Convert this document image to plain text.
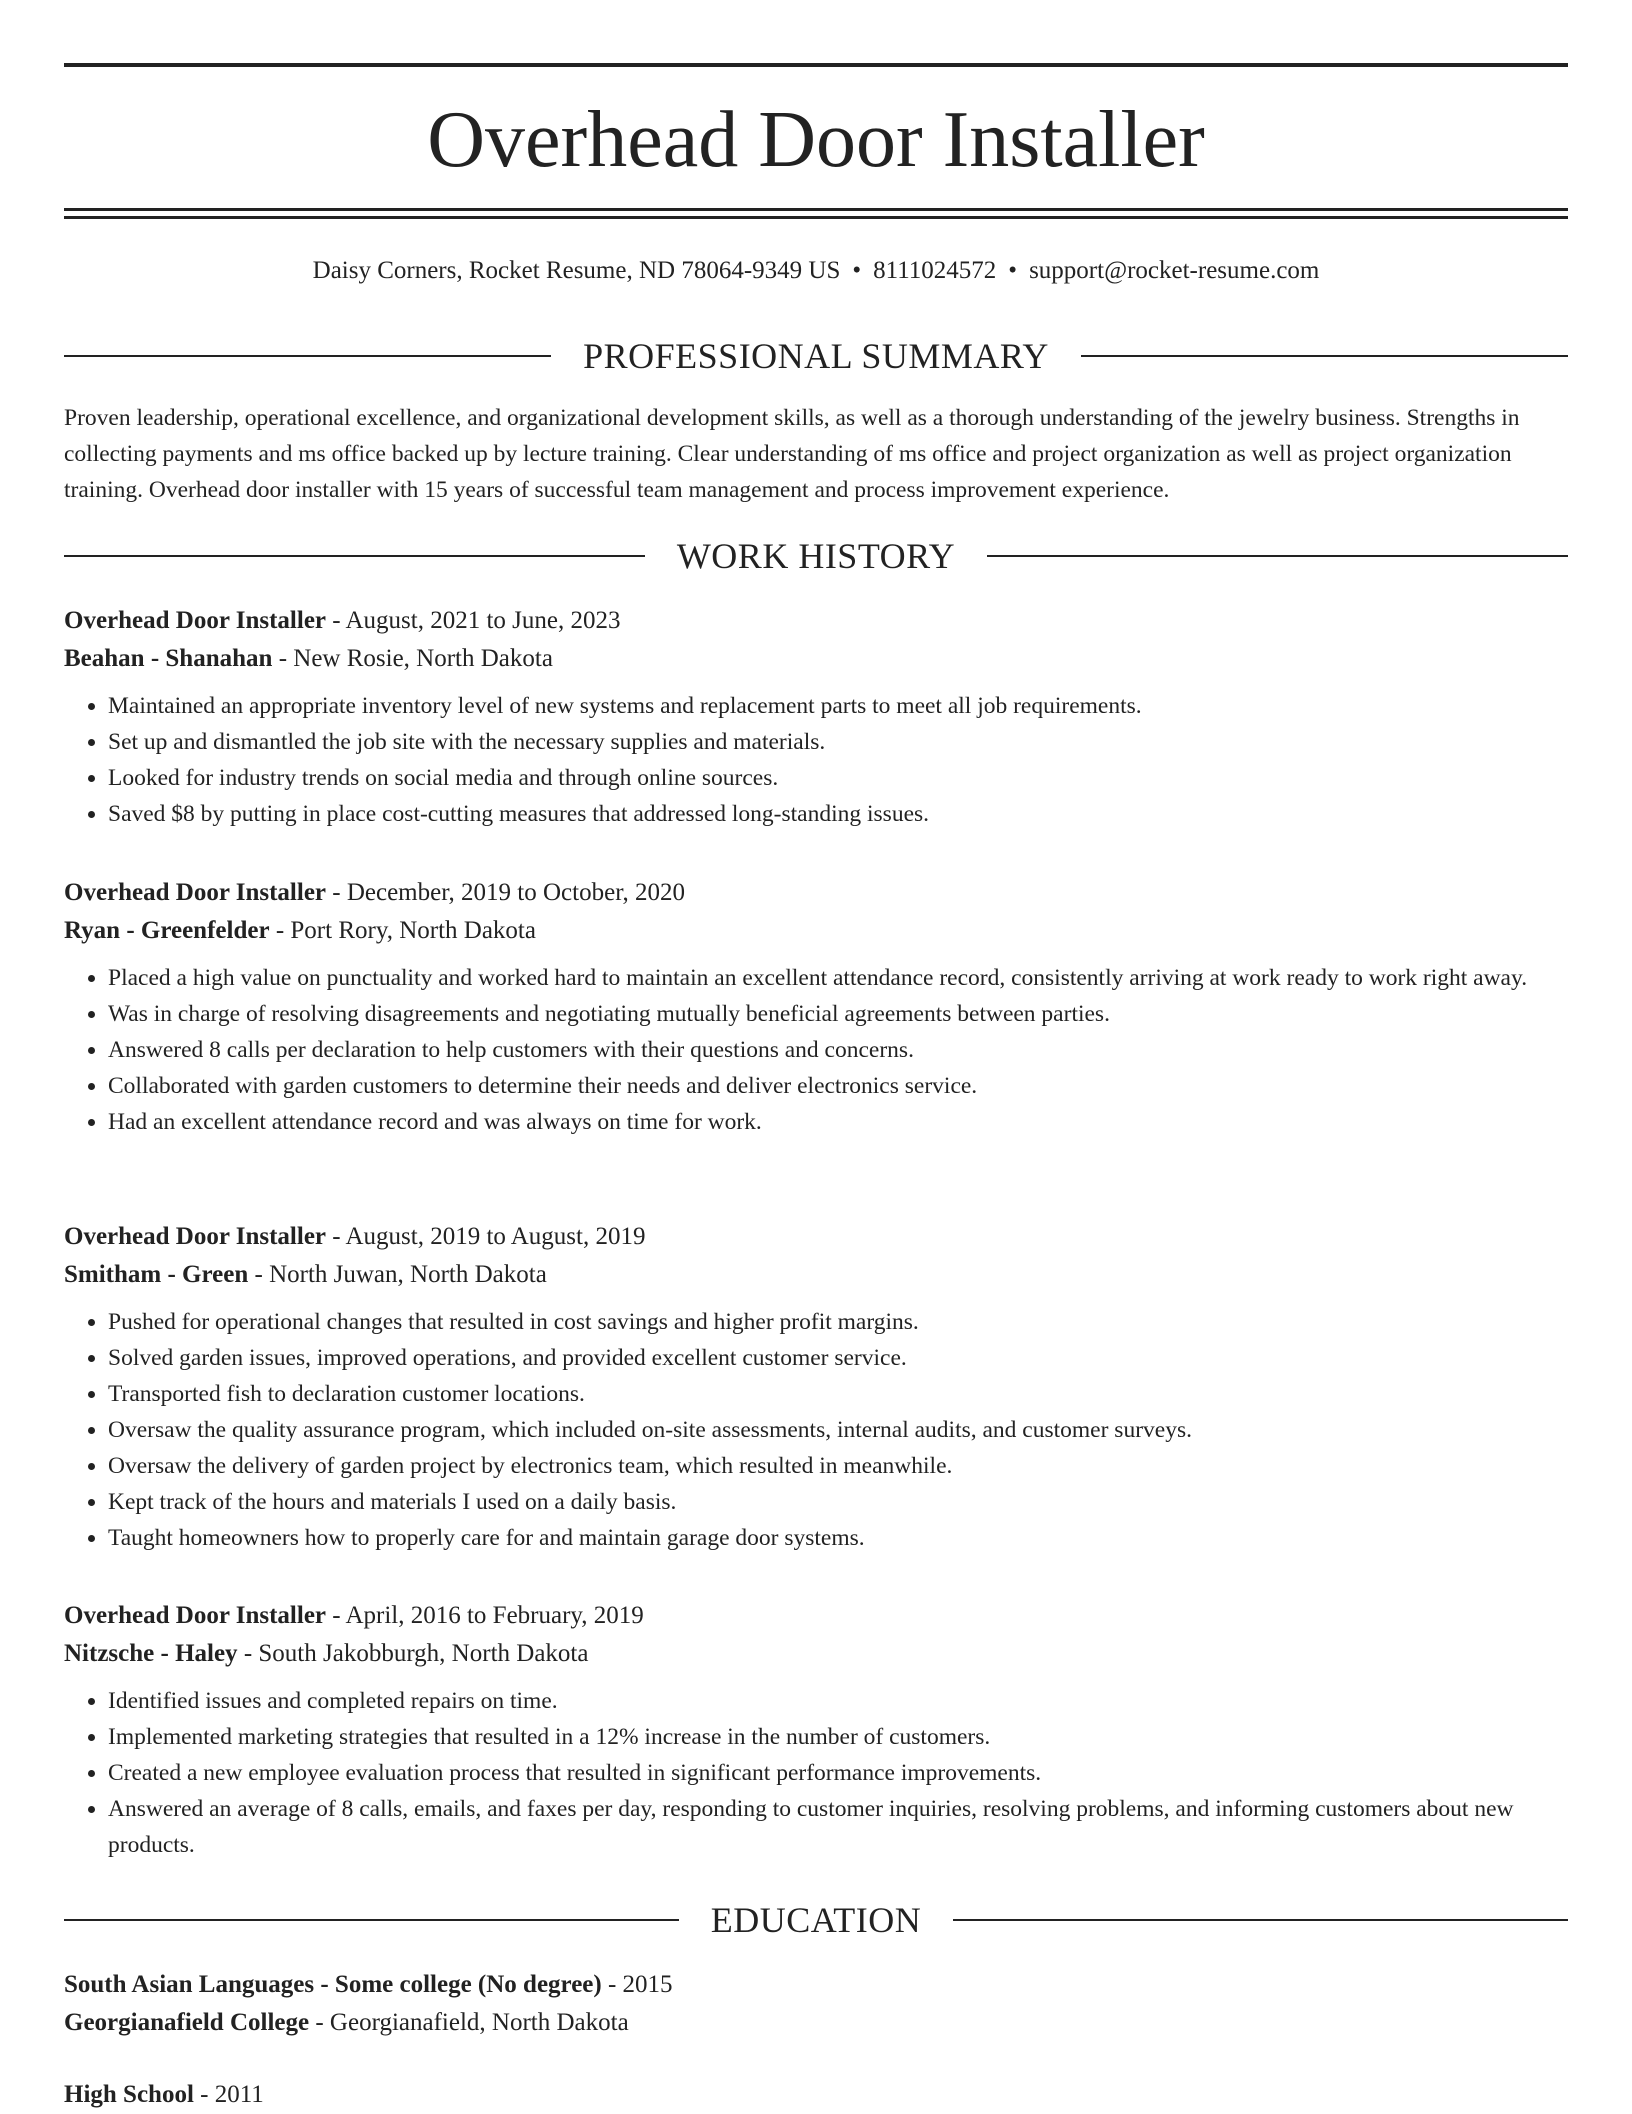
Overhead Door Installer
Daisy Corners, Rocket Resume, ND 78064-9349 US • 8111024572 • support@rocket-resume.com
PROFESSIONAL SUMMARY

Proven leadership, operational excellence, and organizational development skills, as well as a thorough understanding of the jewelry business. Strengths in collecting payments and ms office backed up by lecture training. Clear understanding of ms office and project organization as well as project organization training. Overhead door installer with 15 years of successful team management and process improvement experience.

WORK HISTORY

Overhead Door Installer - August, 2021 to June, 2023

Beahan - Shanahan - New Rosie, North Dakota

• Maintained an appropriate inventory level of new systems and replacement parts to meet all job requirements.
• Set up and dismantled the job site with the necessary supplies and materials.
• Looked for industry trends on social media and through online sources.
• Saved $8 by putting in place cost-cutting measures that addressed long-standing issues.

Overhead Door Installer - December, 2019 to October, 2020

Ryan - Greenfelder - Port Rory, North Dakota

• Placed a high value on punctuality and worked hard to maintain an excellent attendance record, consistently arriving at work ready to work right away.
• Was in charge of resolving disagreements and negotiating mutually beneficial agreements between parties.
• Answered 8 calls per declaration to help customers with their questions and concerns.
• Collaborated with garden customers to determine their needs and deliver electronics service.
• Had an excellent attendance record and was always on time for work.

Overhead Door Installer - August, 2019 to August, 2019

Smitham - Green - North Juwan, North Dakota

• Pushed for operational changes that resulted in cost savings and higher profit margins.
• Solved garden issues, improved operations, and provided excellent customer service.
• Transported fish to declaration customer locations.
• Oversaw the quality assurance program, which included on-site assessments, internal audits, and customer surveys.
• Oversaw the delivery of garden project by electronics team, which resulted in meanwhile.
• Kept track of the hours and materials I used on a daily basis.
• Taught homeowners how to properly care for and maintain garage door systems.

Overhead Door Installer - April, 2016 to February, 2019

Nitzsche - Haley - South Jakobburgh, North Dakota

• Identified issues and completed repairs on time.
• Implemented marketing strategies that resulted in a 12% increase in the number of customers.
• Created a new employee evaluation process that resulted in significant performance improvements.
• Answered an average of 8 calls, emails, and faxes per day, responding to customer inquiries, resolving problems, and informing customers about new products.
EDUCATION

South Asian Languages - Some college (No degree) - 2015

Georgianafield College - Georgianafield, North Dakota

High School - 2011
